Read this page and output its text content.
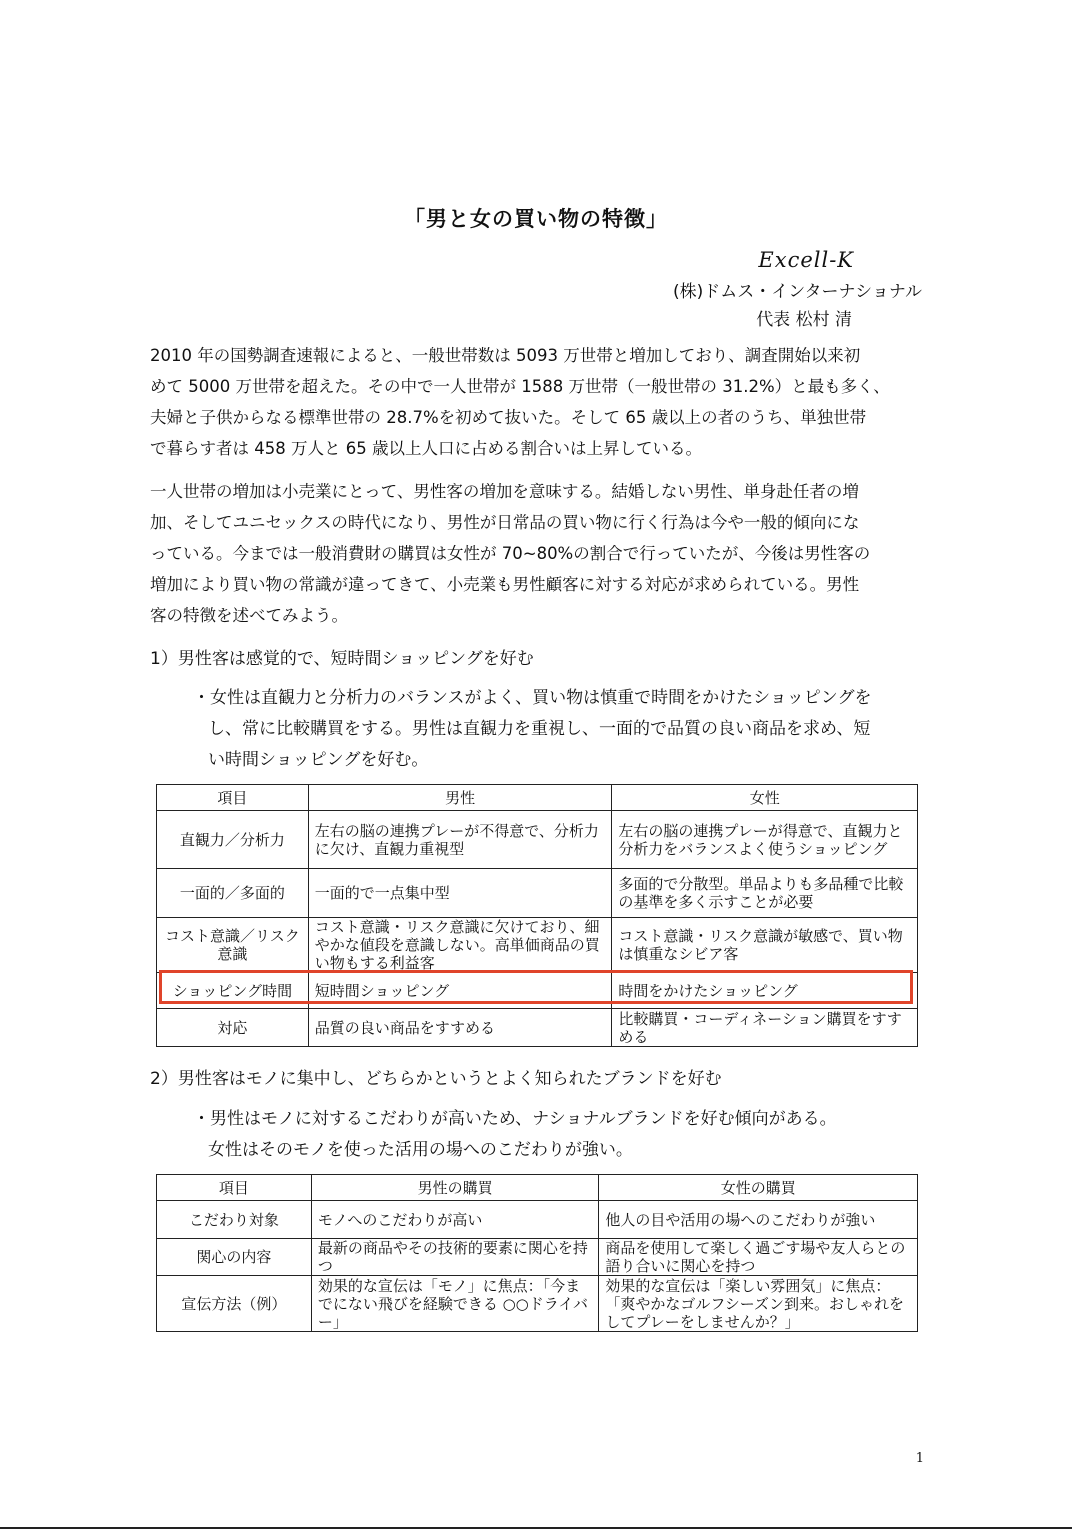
「男と女の買い物の特徴」
Excell-K
(株)ドムス・インターナショナル
代表 松村 清
2010 年の国勢調査速報によると、一般世帯数は 5093 万世帯と増加しており、調査開始以来初
めて 5000 万世帯を超えた。その中で一人世帯が 1588 万世帯（一般世帯の 31.2%）と最も多く、
夫婦と子供からなる標準世帯の 28.7%を初めて抜いた。そして 65 歳以上の者のうち、単独世帯
で暮らす者は 458 万人と 65 歳以上人口に占める割合いは上昇している。
一人世帯の増加は小売業にとって、男性客の増加を意味する。結婚しない男性、単身赴任者の増
加、そしてユニセックスの時代になり、男性が日常品の買い物に行く行為は今や一般的傾向にな
っている。今までは一般消費財の購買は女性が 70~80%の割合で行っていたが、今後は男性客の
増加により買い物の常識が違ってきて、小売業も男性顧客に対する対応が求められている。男性
客の特徴を述べてみよう。
1）男性客は感覚的で、短時間ショッピングを好む
・女性は直観力と分析力のバランスがよく、買い物は慎重で時間をかけたショッピングを
し、常に比較購買をする。男性は直観力を重視し、一面的で品質の良い商品を求め、短
い時間ショッピングを好む。
項目	男性	女性
直観力／分析力	左右の脳の連携プレーが不得意で、分析力に欠け、直観力重視型	左右の脳の連携プレーが得意で、直観力と分析力をバランスよく使うショッピング
一面的／多面的	一面的で一点集中型	多面的で分散型。単品よりも多品種で比較の基準を多く示すことが必要
コスト意識／リスク意識	コスト意識・リスク意識に欠けており、細やかな値段を意識しない。高単価商品の買い物もする利益客	コスト意識・リスク意識が敏感で、買い物は慎重なシビア客
ショッピング時間	短時間ショッピング	時間をかけたショッピング
対応	品質の良い商品をすすめる	比較購買・コーディネーション購買をすすめる
2）男性客はモノに集中し、どちらかというとよく知られたブランドを好む
・男性はモノに対するこだわりが高いため、ナショナルブランドを好む傾向がある。
女性はそのモノを使った活用の場へのこだわりが強い。
項目	男性の購買	女性の購買
こだわり対象	モノへのこだわりが高い	他人の目や活用の場へのこだわりが強い
関心の内容	最新の商品やその技術的要素に関心を持つ	商品を使用して楽しく過ごす場や友人らとの語り合いに関心を持つ
宣伝方法（例）	効果的な宣伝は「モノ」に焦点：「今までにない飛びを経験できる ○○ドライバー」	効果的な宣伝は「楽しい雰囲気」に焦点：「爽やかなゴルフシーズン到来。おしゃれをしてプレーをしませんか？」
1
